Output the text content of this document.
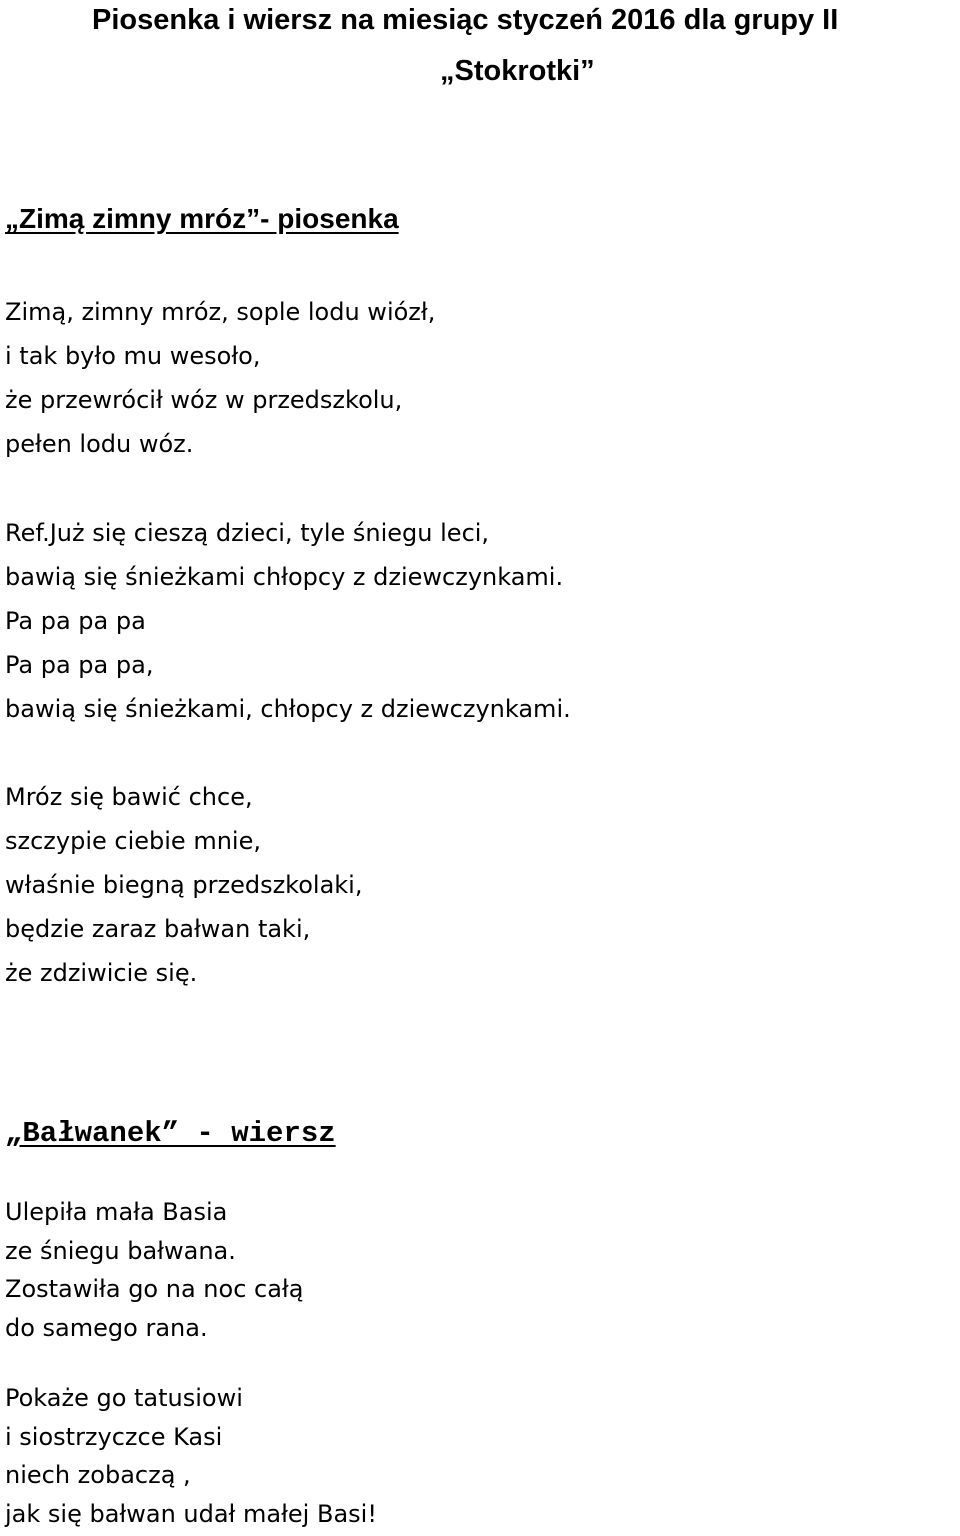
Piosenka i wiersz na miesiąc styczeń 2016 dla grupy II
„Stokrotki”
„Zimą zimny mróz”- piosenka
Zimą, zimny mróz, sople lodu wiózł,
i tak było mu wesoło,
że przewrócił wóz w przedszkolu,
pełen lodu wóz.
Ref.Już się cieszą dzieci, tyle śniegu leci,
bawią się śnieżkami chłopcy z dziewczynkami.
Pa pa pa pa
Pa pa pa pa,
bawią się śnieżkami, chłopcy z dziewczynkami.
Mróz się bawić chce,
szczypie ciebie mnie,
właśnie biegną przedszkolaki,
będzie zaraz bałwan taki,
że zdziwicie się.
„Bałwanek” - wiersz
Ulepiła mała Basia
ze śniegu bałwana.
Zostawiła go na noc całą
do samego rana.
Pokaże go tatusiowi
i siostrzyczce Kasi
niech zobaczą ,
jak się bałwan udał małej Basi!
